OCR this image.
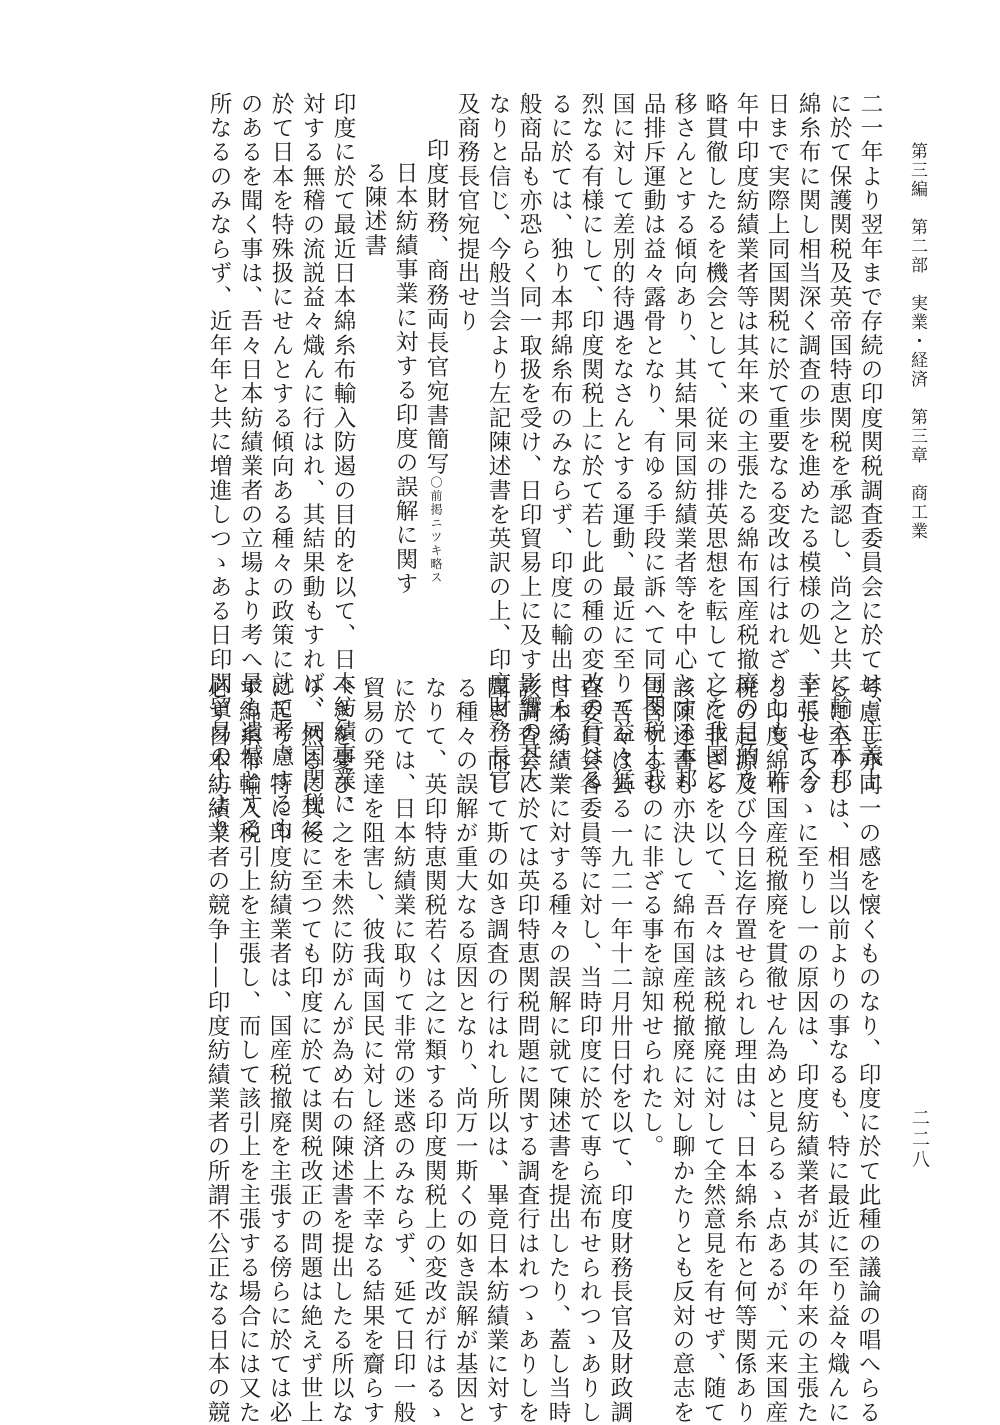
第三編　第二部　実業・経済　第三章　商工業
二二八
二一年より翌年まで存続の印度関税調査委員会に於ては、主義上
に於て保護関税及英帝国特恵関税を承認し、尚之と共に輸入本邦
綿糸布に関し相当深く調査の歩を進めたる模様の処、幸にして今
日まで実際上同国関税に於て重要なる変改は行はれざりしも、昨
年中印度紡績業者等は其年来の主張たる綿布国産税撤廃の目的を
略貫徹したるを機会として、従来の排英思想を転して之を我国に
移さんとする傾向あり、其結果同国紡績業者等を中心とする本邦
品排斥運動は益々露骨となり、有ゆる手段に訴へて同国関税上我
国に対して差別的待遇をなさんとする運動、最近に至りて益々猛
烈なる有様にして、印度関税上に於て若し此の種の変改の行はる
るに於ては、独り本邦綿糸布のみならず、印度に輸出せらるゝ一
般商品も亦恐らく同一取扱を受け、日印貿易上に及す影響の甚大
なりと信じ、今般当会より左記陳述書を英訳の上、印度財務長官
及商務長官宛提出せり
印度財務、商務両長官宛書簡写〇前掲ニツキ略ス
日本紡績事業に対する印度の誤解に関す
る陳述書
印度に於て最近日本綿糸布輸入防遏の目的を以て、日本紡績事業に
対する無稽の流説益々熾んに行はれ、其結果動もすれば、同国関税に
於て日本を特殊扱にせんとする傾向ある種々の政策に就て考慮するも
のあるを聞く事は、吾々日本紡績業者の立場より考へ最も遺憾とする
所なるのみならず、近年年と共に増進しつゝある日印間貿易の上より
考慮し亦同一の感を懐くものなり、印度に於て此種の議論の唱へらる
るに至りしは、相当以前よりの事なるも、特に最近に至り益々熾んに
主張せらるゝに至りし一の原因は、印度紡績業者が其の年来の主張た
る印度綿布国産税撤廃を貫徹せん為めと見らるゝ点あるが、元来国産
税の起源及び今日迄存置せられし理由は、日本綿糸布と何等関係あり
しに非ざるを以て、吾々は該税撤廃に対して全然意見を有せず、随て
該陳述書も亦決して綿布国産税撤廃に対し聊かたりとも反対の意志を
包含するものに非ざる事を諒知せられたし。
　吾々は去る一九二一年十二月卅日付を以て、印度財務長官及財政調
査委員会各委員等に対し、当時印度に於て専ら流布せられつゝありし
日本紡績業に対する種々の誤解に就て陳述書を提出したり、蓋し当時
該調査会に於ては英印特恵関税問題に関する調査行はれつゝありしを
聞き、而して斯の如き調査の行はれし所以は、畢竟日本紡績業に対す
る種々の誤解が重大なる原因となり、尚万一斯くの如き誤解が基因と
なりて、英印特恵関税若くは之に類する印度関税上の変改が行はるゝ
に於ては、日本紡績業に取りて非常の迷惑のみならず、延て日印一般
貿易の発達を阻害し、彼我両国民に対し経済上不幸なる結果を齎らす
べきを憂ひ、之を未然に防がんが為め右の陳述書を提出したる所以な
り、然るに其後に至つても印度に於ては関税改正の問題は絶えず世上
に起り、特に印度紡績業者は、国産税撤廃を主張する傍らに於ては必
ず綿糸布輸入税引上を主張し、而して該引上を主張する場合には又た
必ず日本紡績業者の競争——印度紡績業者の所謂不公正なる日本の競
